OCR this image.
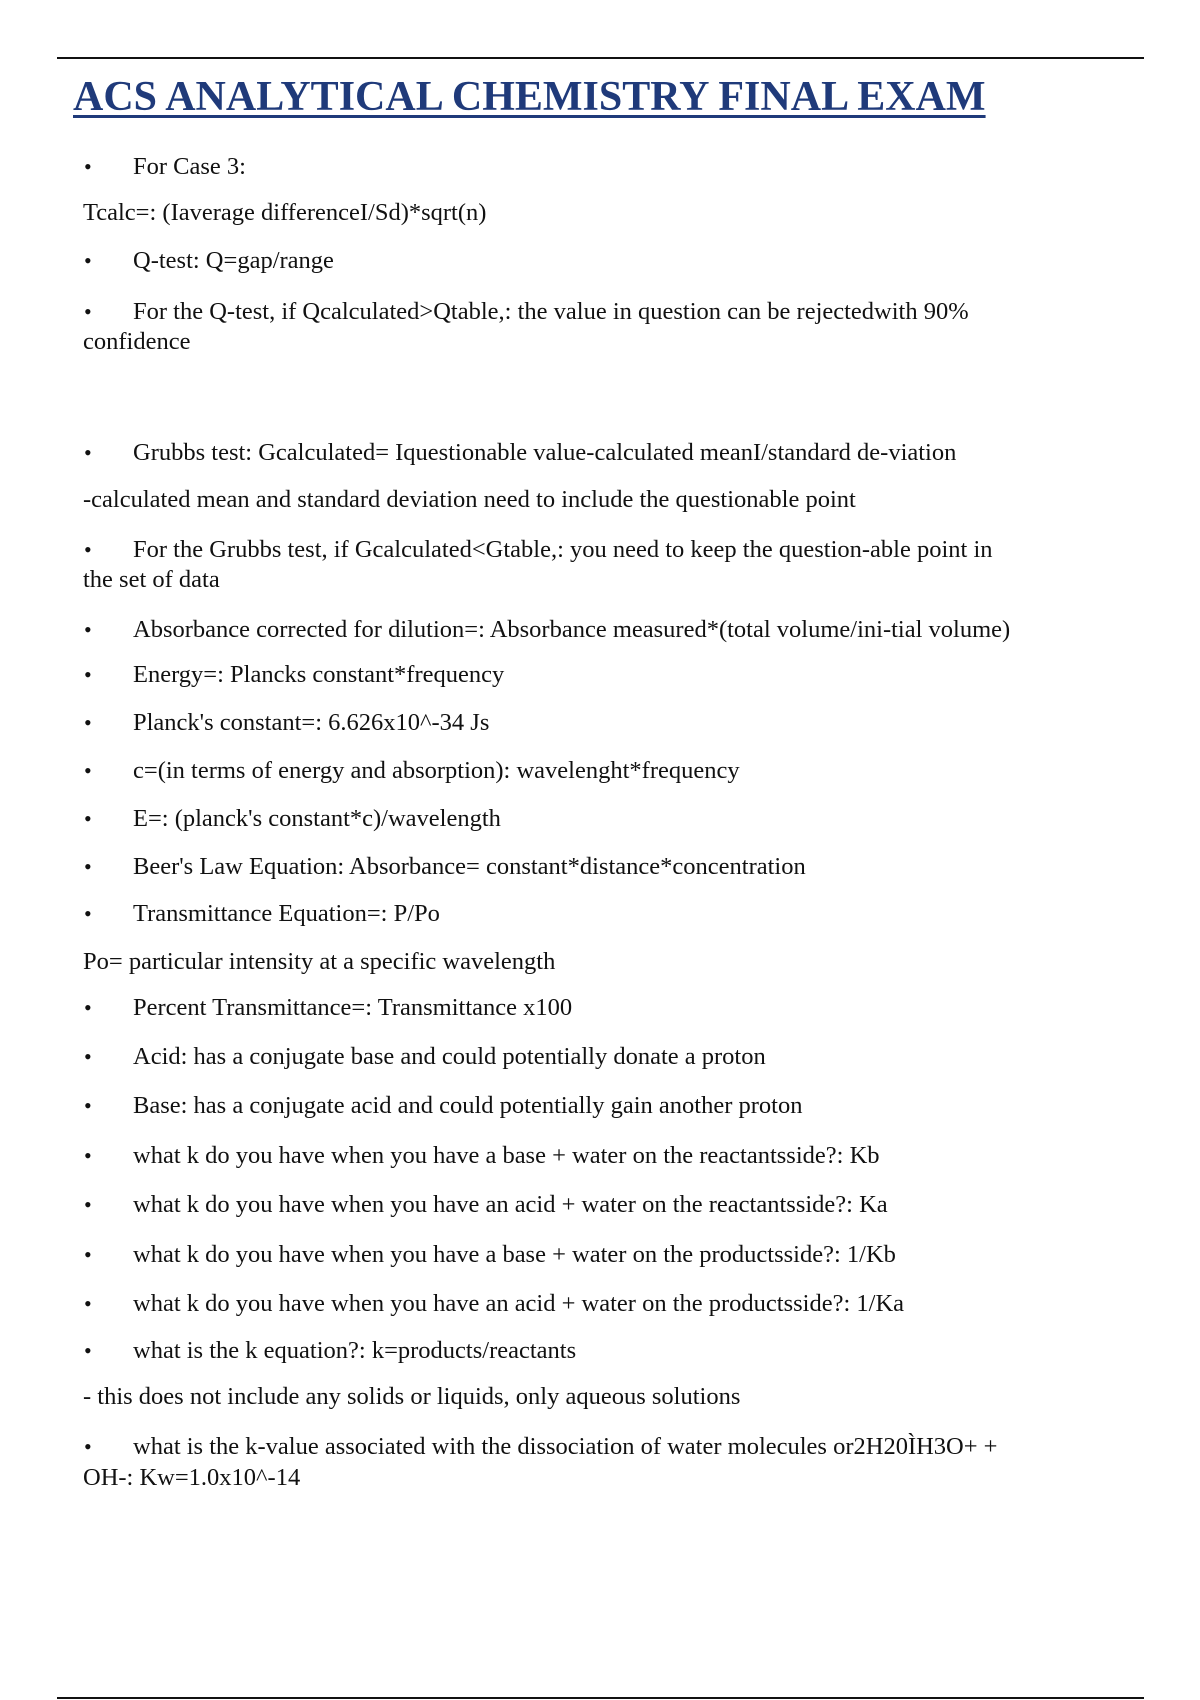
ACS ANALYTICAL CHEMISTRY FINAL EXAM
• For Case 3:

Tcalc=: (Iaverage differenceI/Sd)*sqrt(n)

• Q-test: Q=gap/range

• For the Q-test, if Qcalculated>Qtable,: the value in question can be rejectedwith 90%

confidence

• Grubbs test: Gcalculated= Iquestionable value-calculated meanI/standard de-viation

-calculated mean and standard deviation need to include the questionable point

• For the Grubbs test, if Gcalculated<Gtable,: you need to keep the question-able point in

the set of data

• Absorbance corrected for dilution=: Absorbance measured*(total volume/ini-tial volume)

• Energy=: Plancks constant*frequency

• Planck's constant=: 6.626x10^-34 Js

• c=(in terms of energy and absorption): wavelenght*frequency

• E=: (planck's constant*c)/wavelength

• Beer's Law Equation: Absorbance= constant*distance*concentration

• Transmittance Equation=: P/Po

Po= particular intensity at a specific wavelength

• Percent Transmittance=: Transmittance x100

• Acid: has a conjugate base and could potentially donate a proton

• Base: has a conjugate acid and could potentially gain another proton

• what k do you have when you have a base + water on the reactantsside?: Kb

• what k do you have when you have an acid + water on the reactantsside?: Ka

• what k do you have when you have a base + water on the productsside?: 1/Kb

• what k do you have when you have an acid + water on the productsside?: 1/Ka

• what is the k equation?: k=products/reactants

- this does not include any solids or liquids, only aqueous solutions

• what is the k-value associated with the dissociation of water molecules or2H20ÌH3O+ +

OH-: Kw=1.0x10^-14
